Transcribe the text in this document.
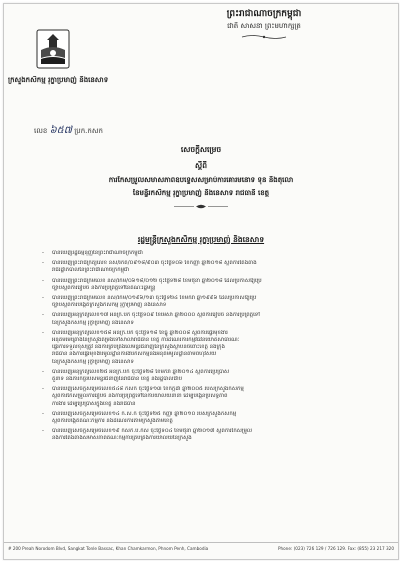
ព្រះរាជាណាចក្រកម្ពុជា
ជាតិ សាសនា ព្រះមហាក្សត្រ
ក្រសួងកសិកម្ម រុក្ខាប្រមាញ់ និងនេសាទ
លេខ ៦៥៧ ប្រក.កសក
សេចក្តីសម្រេច
ស្តីពី
ការកែសម្រួលសមាសភាពឧបទ្ទេសសម្រាប់ការគោរមនោទ ទុន និងតុលេា
នៃមន្ទីរកសិកម្ម រុក្ខាប្រមាញ់ និងនេសាទ រាជធានី ខេត្ត
រដ្ឋមន្ត្រីក្រសួងកសិកម្ម រុក្ខាប្រមាញ់ និងនេសាទ
- បានឃើញរដ្ឋធម្មនុញ្ញនៃព្រះរាជាណាចក្រកម្ពុជា
- បានឃើញព្រះរាជក្រឹត្យលេខ នស/រកត/០៩១៨/៩០៣ ចុះថ្ងៃទី០៦ ខែកញ្ញា ឆ្នាំ២០១៨ ស្តីពីការតែងតាំង
រាជរដ្ឋាភិបាលនៃព្រះរាជាណាចក្រកម្ពុជា
- បានឃើញព្រះរាជក្រមលេខ នស/រកម/០៦១៨/០១២ ចុះថ្ងៃទី២៨ ខែមិថុនា ឆ្នាំ២០១៨ ដែលប្រកាសឱ្យប្រើ
ច្បាប់ស្តីពីការរៀបចំ និងការប្រព្រឹត្តទៅនៃគណៈរដ្ឋមន្ត្រី
- បានឃើញព្រះរាជក្រមលេខ នស/រកម/០១៩៦/១៣ ចុះថ្ងៃទី២៤ ខែមករា ឆ្នាំ១៩៩៦ ដែលប្រកាសឱ្យប្រើ
ច្បាប់ស្តីពីការបង្កើតក្រសួងកសិកម្ម រុក្ខាប្រមាញ់ និងនេសាទ
- បានឃើញអនុក្រឹត្យលេខ១៧ អនក្រ.បក ចុះថ្ងៃទី០៩ ខែមេសា ឆ្នាំ២០០០ ស្តីពីការរៀបចំ និងការប្រព្រឹត្តទៅ
នៃក្រសួងកសិកម្ម រុក្ខាប្រមាញ់ និងនេសាទ
- បានឃើញអនុក្រឹត្យលេខ១៥៨ អនក្រ.បក ចុះថ្ងៃទី១៨ ខែធ្នូ ឆ្នាំ២០០៨ ស្តីពីការផ្ទេរមុខងារ
អនុគមមេគ្រោងនៃក្រសួងតម្រង់ទៅសាលារាជធានី ខេត្ត ការដំណើរការកម្មវិធីវិនិយោគសាធារណៈ
ផ្ទេរការទទួលខុសត្រូវ និងការគ្រប់គ្រងលើមន្ទីរជំនាញនៃក្រសួងស្ថាប័នចំពោះខេត្ត និងក្រុង
រាជធានី និងការផ្ទេរមុខងារមូលដ្ឋានការងារកសិកម្មនិងអនុគមមូលដ្ឋានតាមពហុវិស័យ
នៃក្រសួងកសិកម្ម រុក្ខាប្រមាញ់ និងនេសាទ
- បានឃើញអនុក្រឹត្យលេខ២៥ អនក្រ.បក ចុះថ្ងៃទី២៨ ខែមករា ឆ្នាំ២០១៤ ស្តីពីការប្រើប្រាស់
តួនាទី និងភារកិច្ចរបស់មន្ទីរជំនាញនៃរាជធានី ខេត្ត និងរដ្ឋបាលជាប់
- បានឃើញសេចក្តីសម្រេចលេខ៥៤៨ កសក ចុះថ្ងៃទី១៣ ខែកក្កដា ឆ្នាំ២០០៥ របស់ក្រសួងកសិកម្ម
ស្តីពីការកែសម្រួលការរៀបចំ និងការប្រព្រឹត្តទៅនៃការិយាល័យនានា ដើម្បីបង្កើនប្រសិទ្ធភាព
ការងារ ដើម្បីប្រើប្រាស់ក្នុងខេត្ត និងរាជធានី
- បានឃើញសេចក្តីសម្រេចលេខ១៤ ក.ស.ក ចុះថ្ងៃទី២៥ កញ្ញា ឆ្នាំ២០១០ របស់ក្រសួងកសិកម្ម
ស្តីពីការបង្កើតគណៈកម្មការ និងដំណើរការតាមក្រសួងតាមខេត្ត
- បានឃើញសេចក្តីសម្រេចលេខ១៩ កសក.ប.កស ចុះថ្ងៃទី០៤ ខែមិថុនា ឆ្នាំ២០១៧ ស្តីពីការកែសម្រួល
និងការតែងតាំងសមាសភាពគណៈកម្មការគ្រប់គ្រងការិយាល័យនៃក្រសួង
# 200 Preah Norodom Blvd, Sangkat Tonle Bassac, Khan Chamkarmon, Phnom Penh, Cambodia	Phone: (023) 726 129 / 726 129. Fax: (855) 23 217 320
